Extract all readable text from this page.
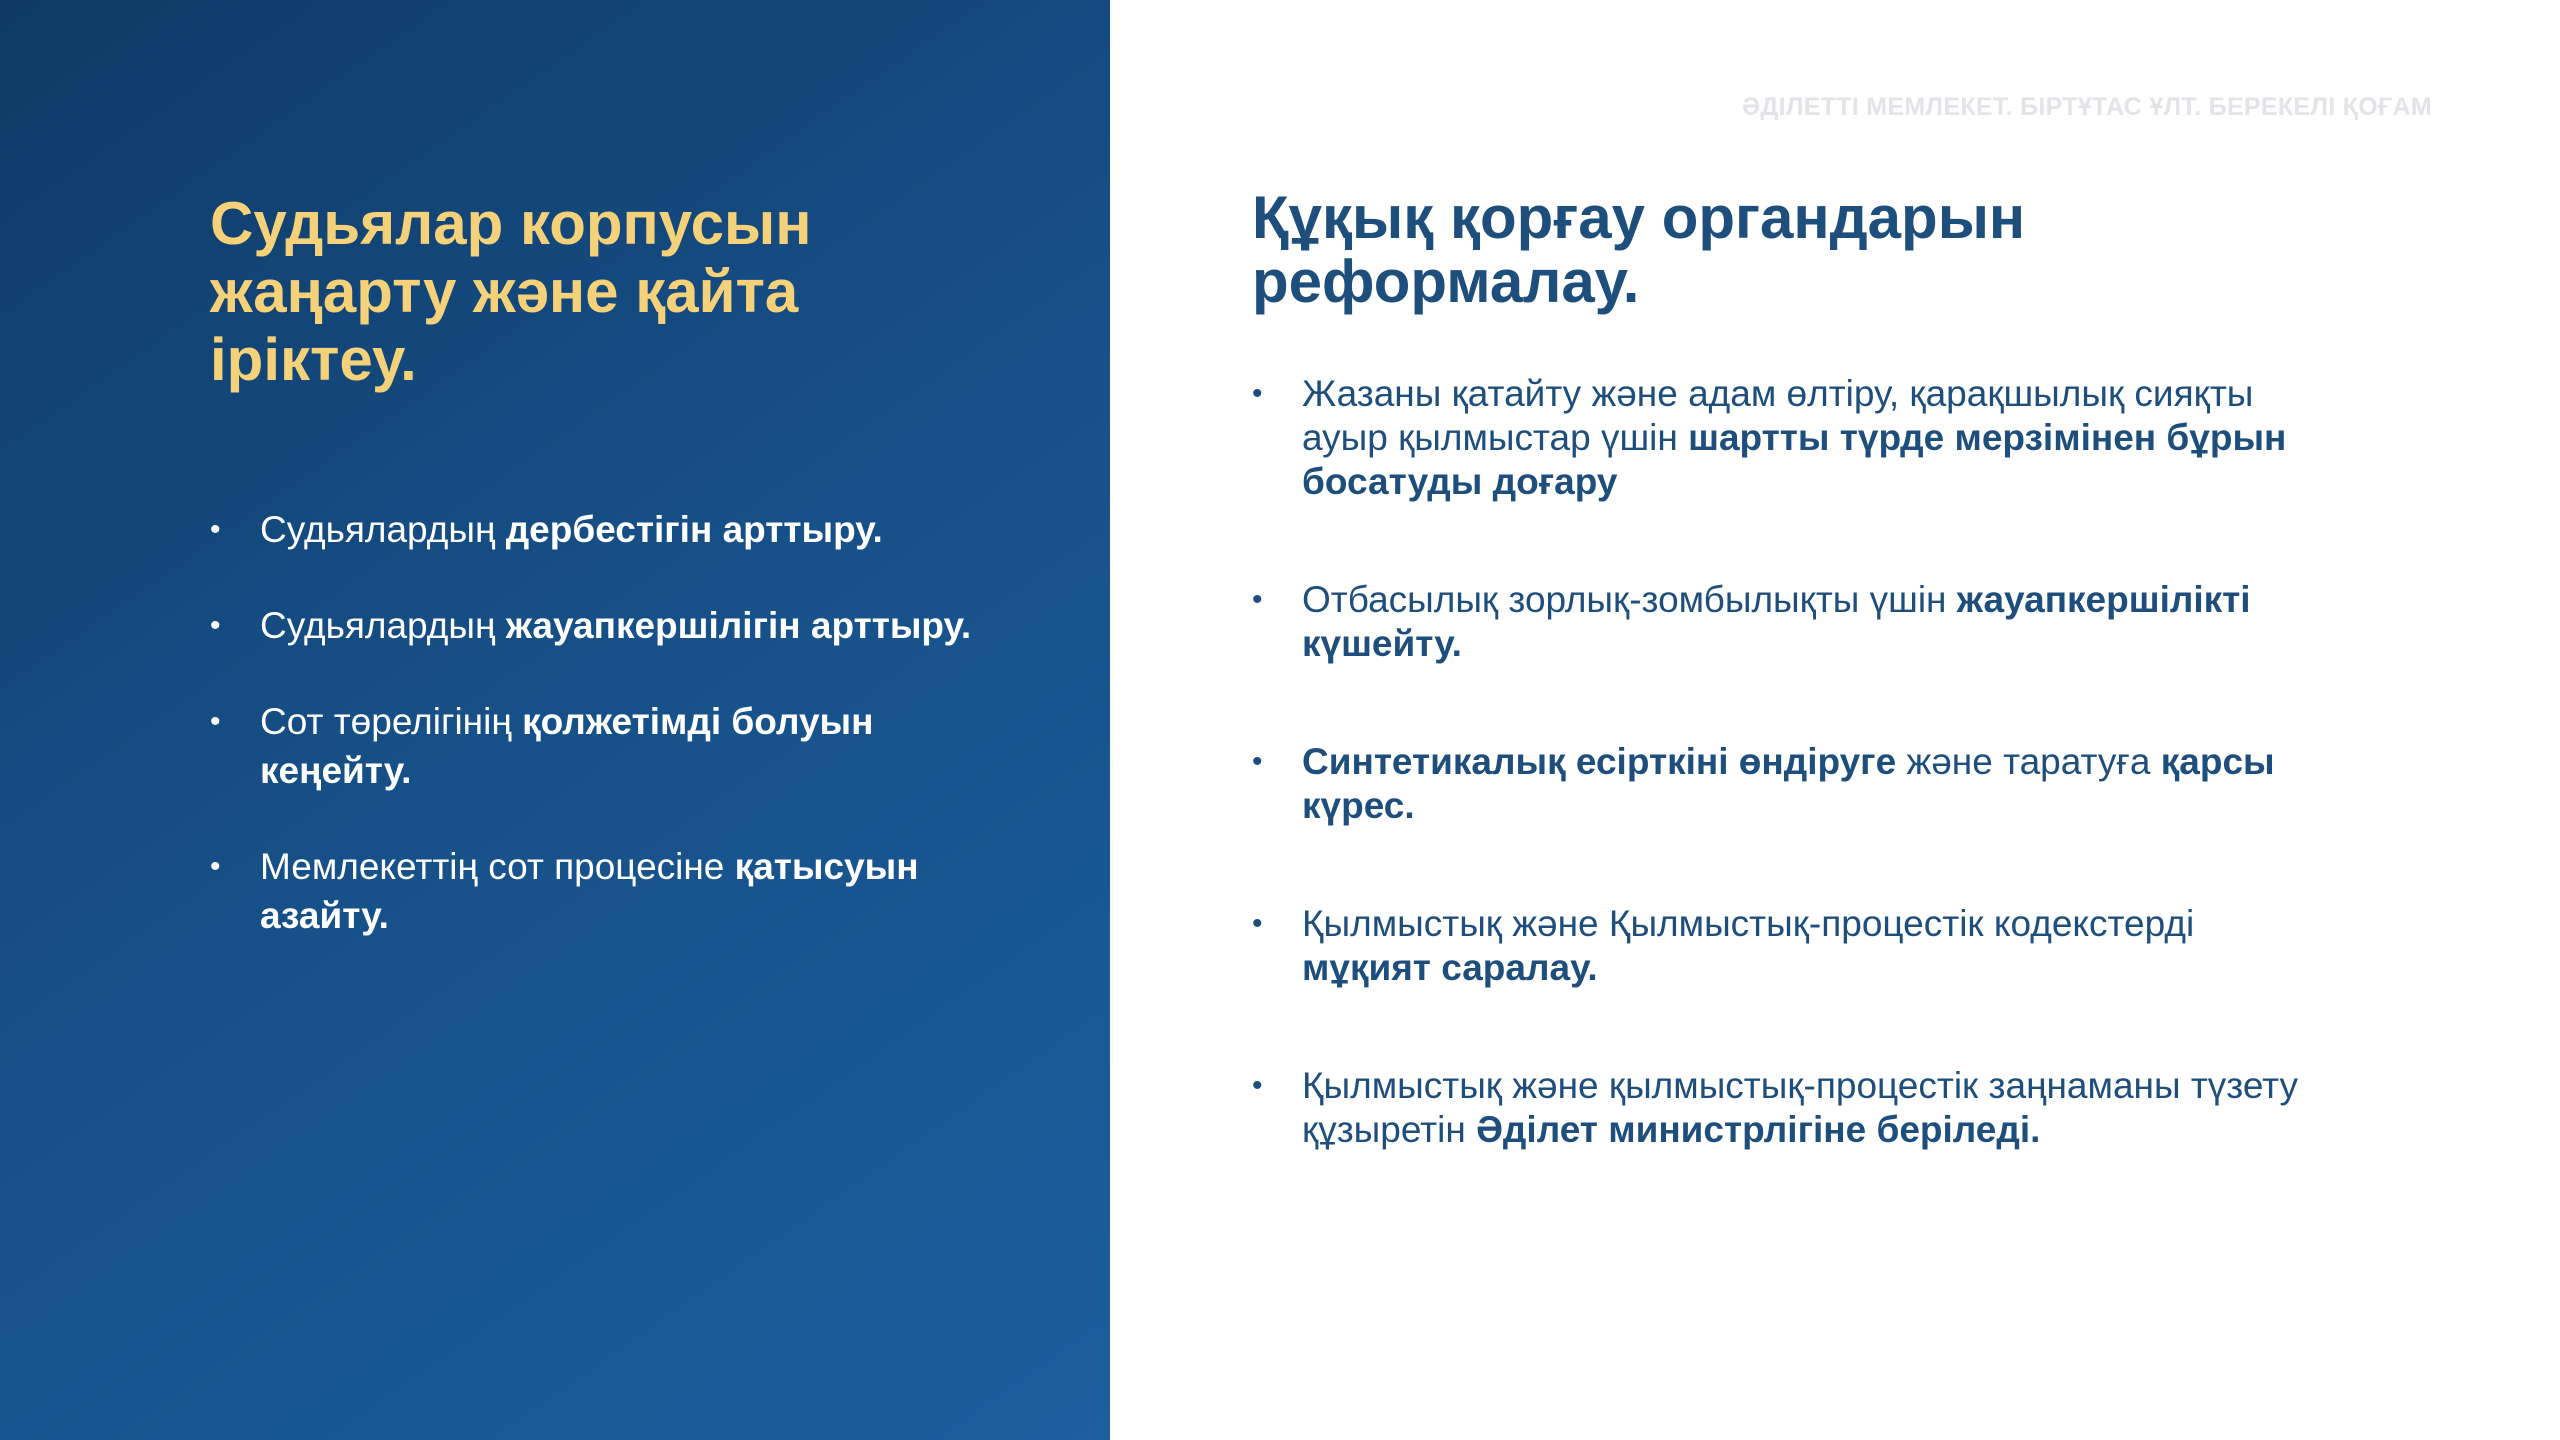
Судьялар корпусын жаңарту және қайта іріктеу.
• Судьялардың дербестігін арттыру.
• Судьялардың жауапкершілігін арттыру.
• Сот төрелігінің қолжетімді болуын кеңейту.
• Мемлекеттің сот процесіне қатысуын азайту.
ӘДІЛЕТТІ МЕМЛЕКЕТ. БІРТҰТАС ҰЛТ. БЕРЕКЕЛІ ҚОҒАМ
Құқық қорғау органдарын реформалау.
• Жазаны қатайту және адам өлтіру, қарақшылық сияқты ауыр қылмыстар үшін шартты түрде мерзімінен бұрын босатуды доғару
• Отбасылық зорлық-зомбылықты үшін жауапкершілікті күшейту.
• Синтетикалық есірткіні өндіруге және таратуға қарсы күрес.
• Қылмыстық және Қылмыстық-процестік кодекстерді мұқият саралау.
• Қылмыстық және қылмыстық-процестік заңнаманы түзету құзыретін Әділет министрлігіне беріледі.
